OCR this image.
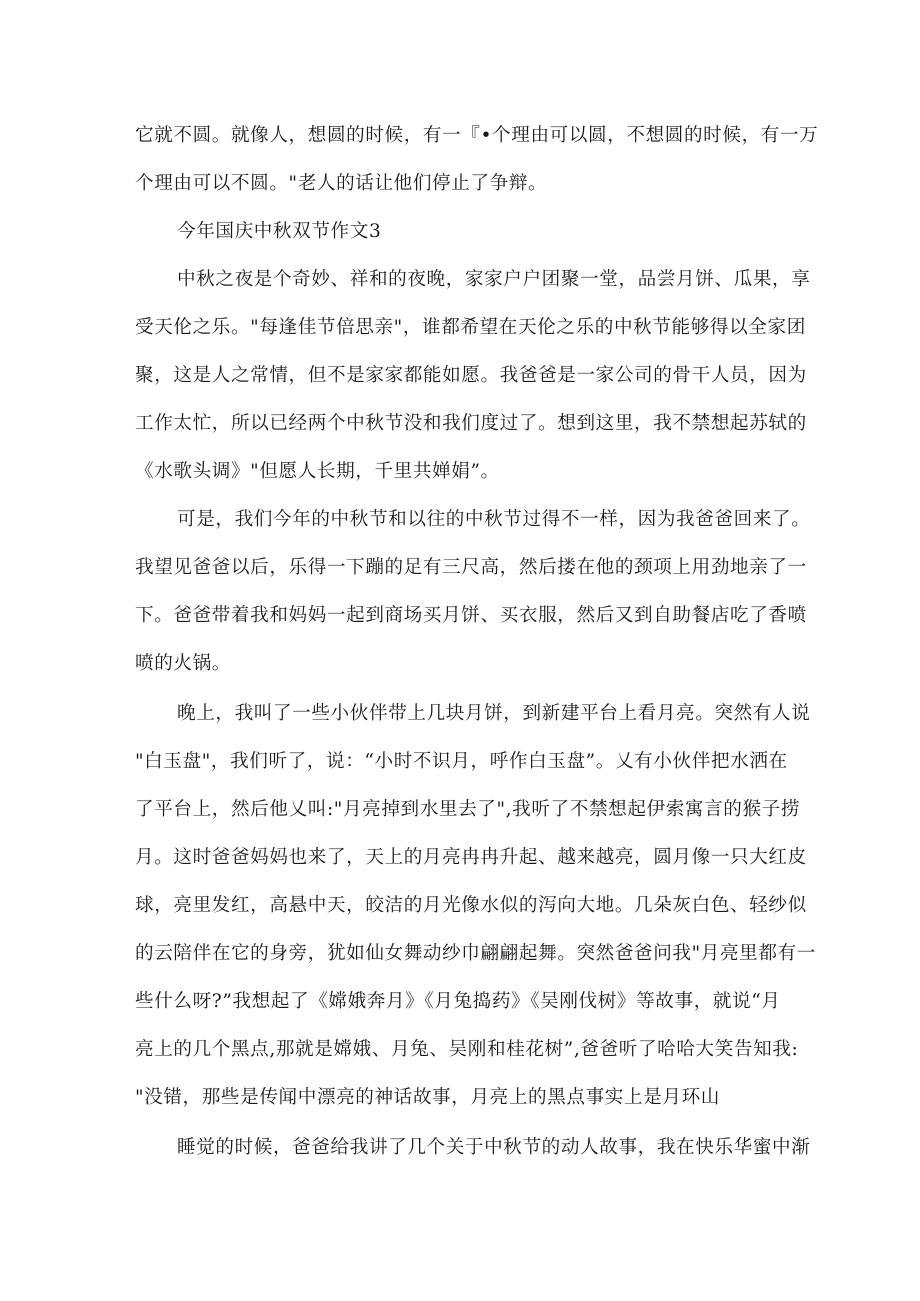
它就不圆。就像人，想圆的时候，有一『•个理由可以圆，不想圆的时候，有一万
个理由可以不圆。"老人的话让他们停止了争辩。
今年国庆中秋双节作文3
中秋之夜是个奇妙、祥和的夜晚，家家户户团聚一堂，品尝月饼、瓜果，享
受天伦之乐。"每逢佳节倍思亲"，谁都希望在天伦之乐的中秋节能够得以全家团
聚，这是人之常情，但不是家家都能如愿。我爸爸是一家公司的骨干人员，因为
工作太忙，所以已经两个中秋节没和我们度过了。想到这里，我不禁想起苏轼的
《水歌头调》"但愿人长期，千里共婵娟”。
可是，我们今年的中秋节和以往的中秋节过得不一样，因为我爸爸回来了。
我望见爸爸以后，乐得一下蹦的足有三尺高，然后搂在他的颈项上用劲地亲了一
下。爸爸带着我和妈妈一起到商场买月饼、买衣服，然后又到自助餐店吃了香喷
喷的火锅。
晚上，我叫了一些小伙伴带上几块月饼，到新建平台上看月亮。突然有人说
"白玉盘"，我们听了，说：“小时不识月，呼作白玉盘”。乂有小伙伴把水洒在
了平台上，然后他乂叫:"月亮掉到水里去了",我听了不禁想起伊索寓言的猴子捞
月。这时爸爸妈妈也来了，天上的月亮冉冉升起、越来越亮，圆月像一只大红皮
球，亮里发红，高悬中天，皎洁的月光像水似的泻向大地。几朵灰白色、轻纱似
的云陪伴在它的身旁，犹如仙女舞动纱巾翩翩起舞。突然爸爸问我"月亮里都有一
些什么呀?”我想起了《嫦娥奔月》《月兔捣药》《吴刚伐树》等故事，就说“月
亮上的几个黑点,那就是嫦娥、月兔、吴刚和桂花树”,爸爸听了哈哈大笑告知我:
"没错，那些是传闻中漂亮的神话故事，月亮上的黑点事实上是月环山
睡觉的时候，爸爸给我讲了几个关于中秋节的动人故事，我在快乐华蜜中渐
